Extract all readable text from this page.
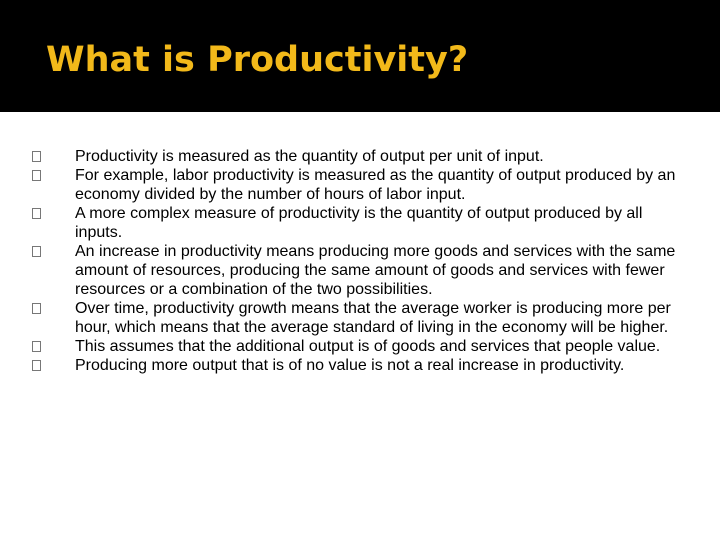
What is Productivity?
Productivity is measured as the quantity of output per unit of input.
For example, labor productivity is measured as the quantity of output produced by an economy divided by the number of hours of labor input.
A more complex measure of productivity is the quantity of output produced by all inputs.
An increase in productivity means producing more goods and services with the same amount of resources, producing the same amount of goods and services with fewer resources or a combination of the two possibilities.
Over time, productivity growth means that the average worker is producing more per hour, which means that the average standard of living in the economy will be higher.
This assumes that the additional output is of goods and services that people value.
Producing more output that is of no value is not a real increase in productivity.
